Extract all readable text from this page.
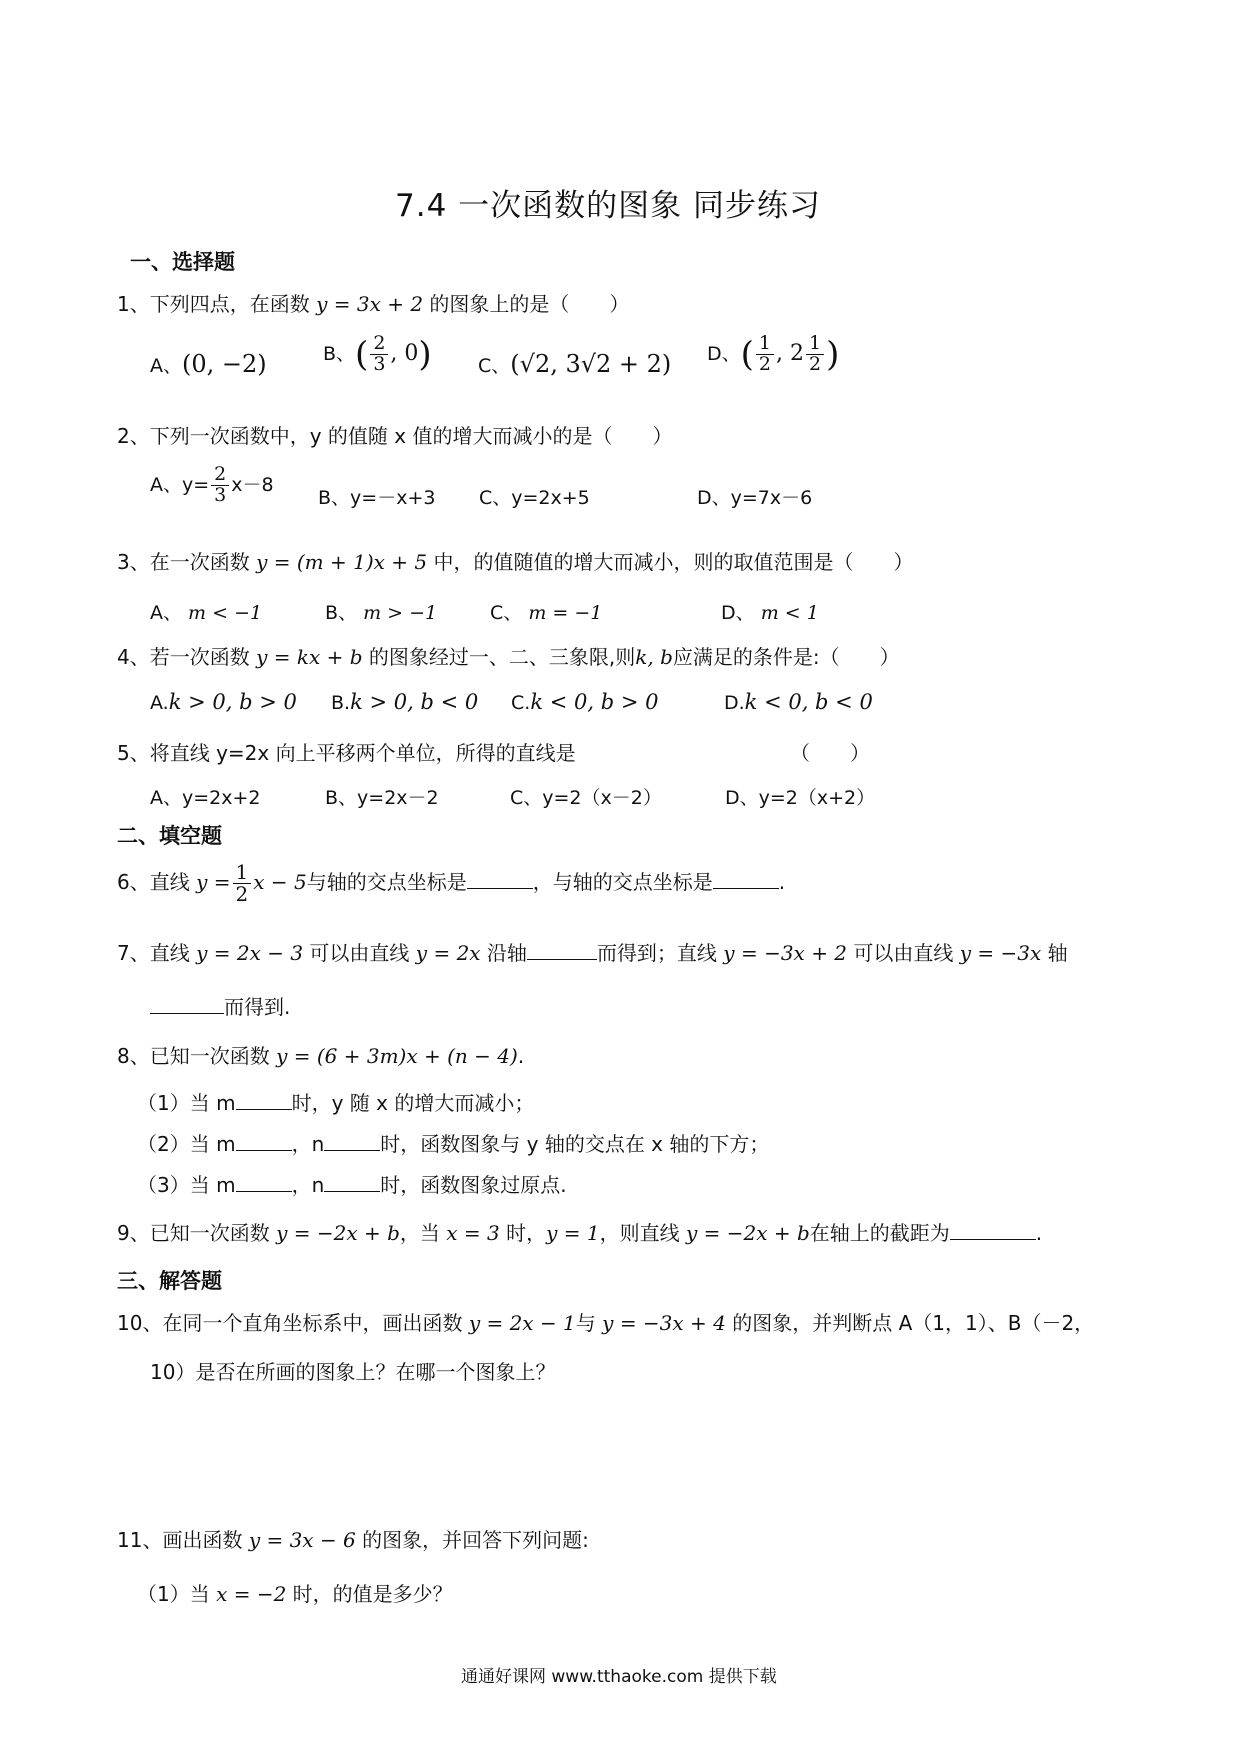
7.4 一次函数的图象 同步练习
一、选择题
1、下列四点，在函数 y = 3x + 2 的图象上的是（　　）
A、(0, −2)	B、( $\frac{2}{3}$ , 0) C、(√2, 3√2 + 2) D、( $\frac{1}{2}$ , $2 \frac{1}{2}$ )
2、下列一次函数中，y 的值随 x 值的增大而减小的是（　　）
A、$y= \frac{2}{3} x-8$
B、y=－x+3 C、y=2x+5	D、y=7x－6
3、在一次函数 y = (m + 1)x + 5 中，的值随值的增大而减小，则的取值范围是（　　）
A、 m < −1	B、 m > −1	C、 m = −1	D、 m < 1
4、若一次函数 y = kx + b 的图象经过一、二、三象限,则k, b应满足的条件是:（　　）
A.k > 0, b > 0 B.k > 0, b < 0 C.k < 0, b > 0	D.k < 0, b < 0
5、将直线 y=2x 向上平移两个单位，所得的直线是	（　　）
A、y=2x+2	B、y=2x－2	C、y=2（x－2）	D、y=2（x+2）
二、填空题
6、直线 $y = \frac{1}{2}$ x − 5与轴的交点坐标是	，与轴的交点坐标是	.
7、直线 y = 2x − 3 可以由直线 y = 2x 沿轴	而得到；直线 y = −3x + 2 可以由直线 y = −3x 轴
而得到.
8、已知一次函数 y = (6 + 3m)x + (n − 4).
（1）当 m	时，y 随 x 的增大而减小；
（2）当 m	，n	时，函数图象与 y 轴的交点在 x 轴的下方；
（3）当 m	，n	时，函数图象过原点.
9、已知一次函数 y = −2x + b，当 x = 3 时，y = 1，则直线 y = −2x + b在轴上的截距为	.
三、解答题
10、在同一个直角坐标系中，画出函数 y = 2x − 1与 y = −3x + 4 的图象，并判断点 A（1，1）、B（－2，
10）是否在所画的图象上？在哪一个图象上？
11、画出函数 y = 3x − 6 的图象，并回答下列问题:
（1）当 x = −2 时，的值是多少？
通通好课网 www.tthaoke.com 提供下载
